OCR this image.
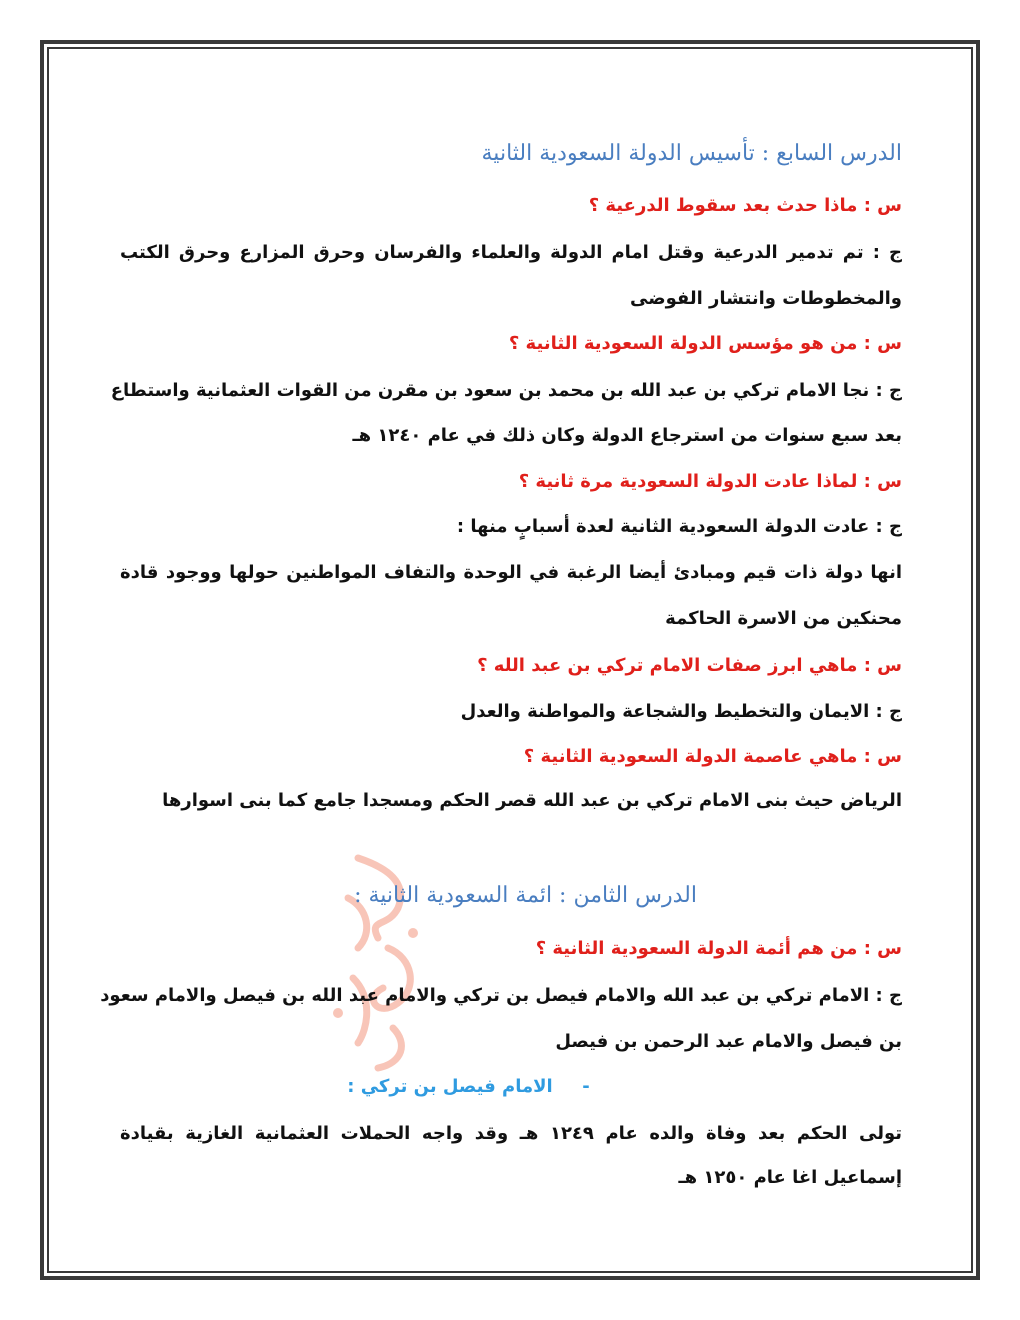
الدرس السابع : تأسيس الدولة السعودية الثانية
س : ماذا حدث بعد سقوط الدرعية ؟
ج : تم تدمير الدرعية وقتل امام الدولة والعلماء والفرسان وحرق المزارع وحرق الكتب
والمخطوطات وانتشار الفوضى
س : من هو مؤسس الدولة السعودية الثانية ؟
ج : نجا الامام تركي بن عبد الله بن محمد بن سعود بن مقرن من القوات العثمانية واستطاع
بعد سبع سنوات من استرجاع الدولة وكان ذلك في عام ١٢٤٠ هـ
س : لماذا عادت الدولة السعودية مرة ثانية ؟
ج : عادت الدولة السعودية الثانية لعدة أسبابٍ منها :
انها دولة ذات قيم ومبادئ أيضا الرغبة في الوحدة والتفاف المواطنين حولها ووجود قادة
محنكين من الاسرة الحاكمة
س : ماهي ابرز صفات الامام تركي بن عبد الله ؟
ج : الايمان والتخطيط والشجاعة والمواطنة والعدل
س : ماهي عاصمة الدولة السعودية الثانية ؟
الرياض حيث بنى الامام تركي بن عبد الله قصر الحكم ومسجدا جامع كما بنى اسوارها
الدرس الثامن : ائمة السعودية الثانية :
س : من هم أئمة الدولة السعودية الثانية ؟
ج : الامام تركي بن عبد الله والامام فيصل بن تركي والامام عبد الله بن فيصل والامام سعود
بن فيصل والامام عبد الرحمن بن فيصل
- الامام فيصل بن تركي :
تولى الحكم بعد وفاة والده عام ١٢٤٩ هـ وقد واجه الحملات العثمانية الغازية بقيادة
إسماعيل اغا عام ١٢٥٠ هـ
